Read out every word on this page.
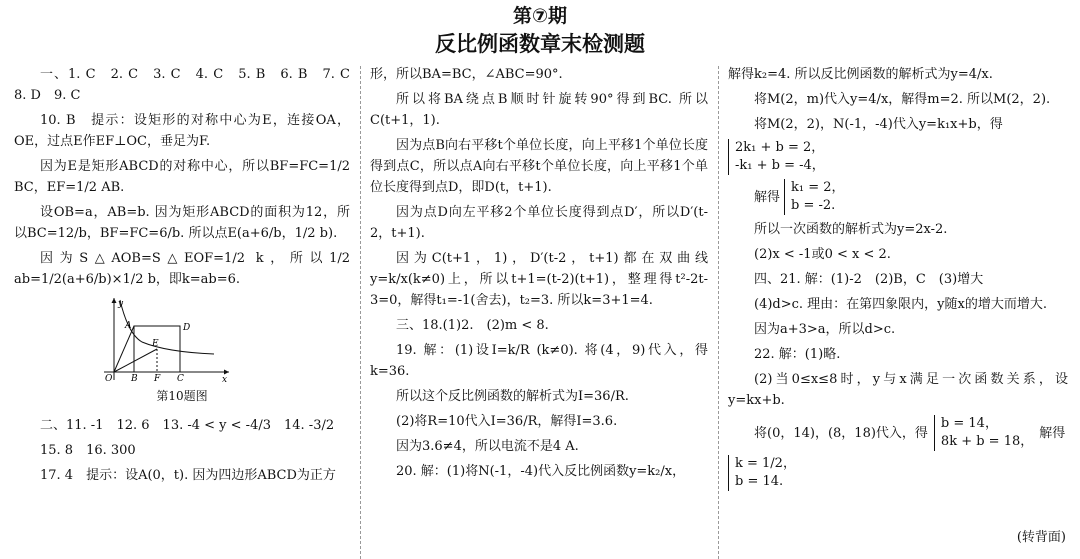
第⑦期
反比例函数章末检测题

一、1. C　2. C　3. C　4. C　5. B　6. B　7. C　8. D　9. C

10. B　提示：设矩形的对称中心为E，连接OA，OE，过点E作EF⊥OC，垂足为F.

因为E是矩形ABCD的对称中心，所以BF=FC=1/2 BC，EF=1/2 AB.

设OB=a，AB=b. 因为矩形ABCD的面积为12，所以BC=12/b，BF=FC=6/b. 所以点E(a+6/b，1/2 b).

因为S△AOB=S△EOF=1/2 k，所以1/2 ab=1/2(a+6/b)×1/2 b，即k=ab=6.

y
x
O
A
B F C
D
E

第10题图

二、11. -1　12. 6　13. -4 < y < -4/3　14. -3/2

15. 8　16. 300

17. 4　提示：设A(0，t). 因为四边形ABCD为正方

形，所以BA=BC，∠ABC=90°.

所以将BA绕点B顺时针旋转90°得到BC. 所以C(t+1，1).

因为点B向右平移t个单位长度，向上平移1个单位长度得到点C，所以点A向右平移t个单位长度，向上平移1个单位长度得到点D，即D(t，t+1).

因为点D向左平移2个单位长度得到点D′，所以D′(t-2，t+1).

因为C(t+1，1)，D′(t-2，t+1)都在双曲线y=k/x(k≠0)上，所以t+1=(t-2)(t+1)，整理得t²-2t-3=0，解得t₁=-1(舍去)，t₂=3. 所以k=3+1=4.

三、18.(1)2.　(2)m < 8.

19. 解：(1)设I=k/R (k≠0). 将(4，9)代入，得k=36.

所以这个反比例函数的解析式为I=36/R.

(2)将R=10代入I=36/R，解得I=3.6.

因为3.6≠4，所以电流不是4 A.

20. 解：(1)将N(-1，-4)代入反比例函数y=k₂/x，

解得k₂=4. 所以反比例函数的解析式为y=4/x.

将M(2，m)代入y=4/x，解得m=2. 所以M(2，2).

将M(2，2)，N(-1，-4)代入y=k₁x+b，得

2k₁ + b = 2，
-k₁ + b = -4，
解得
k₁ = 2，
b = -2.

所以一次函数的解析式为y=2x-2.

(2)x < -1或0 < x < 2.

四、21. 解：(1)-2　(2)B，C　(3)增大

(4)d>c. 理由：在第四象限内，y随x的增大而增大.

因为a+3>a，所以d>c.

22. 解：(1)略.

(2)当0≤x≤8时，y与x满足一次函数关系，设y=kx+b.

将(0，14)，(8，18)代入，得
b = 14，
8k + b = 18，
解得
k = 1/2，
b = 14.
(转背面)
